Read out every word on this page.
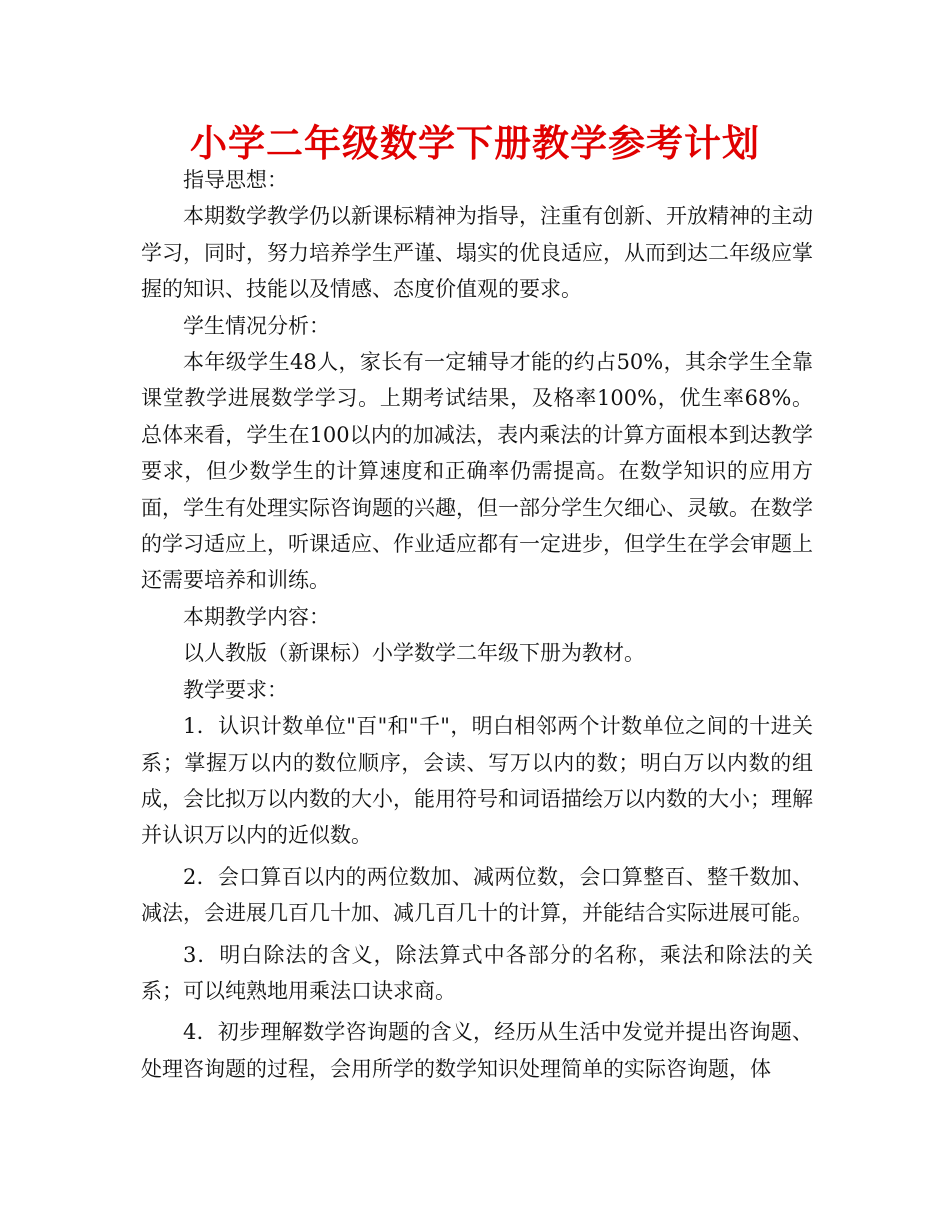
小学二年级数学下册教学参考计划

指导思想：

本期数学教学仍以新课标精神为指导，注重有创新、开放精神的主动学习，同时，努力培养学生严谨、塌实的优良适应，从而到达二年级应掌握的知识、技能以及情感、态度价值观的要求。

学生情况分析：

本年级学生48人，家长有一定辅导才能的约占50%，其余学生全靠课堂教学进展数学学习。上期考试结果，及格率100%，优生率68%。总体来看，学生在100以内的加减法，表内乘法的计算方面根本到达教学要求，但少数学生的计算速度和正确率仍需提高。在数学知识的应用方面，学生有处理实际咨询题的兴趣，但一部分学生欠细心、灵敏。在数学的学习适应上，听课适应、作业适应都有一定进步，但学生在学会审题上还需要培养和训练。

本期教学内容：

以人教版（新课标）小学数学二年级下册为教材。

教学要求：

1．认识计数单位"百"和"千"，明白相邻两个计数单位之间的十进关系；掌握万以内的数位顺序，会读、写万以内的数；明白万以内数的组成，会比拟万以内数的大小，能用符号和词语描绘万以内数的大小；理解并认识万以内的近似数。

2．会口算百以内的两位数加、减两位数，会口算整百、整千数加、减法，会进展几百几十加、减几百几十的计算，并能结合实际进展可能。

3．明白除法的含义，除法算式中各部分的名称，乘法和除法的关系；可以纯熟地用乘法口诀求商。

4．初步理解数学咨询题的含义，经历从生活中发觉并提出咨询题、处理咨询题的过程，会用所学的数学知识处理简单的实际咨询题，体
